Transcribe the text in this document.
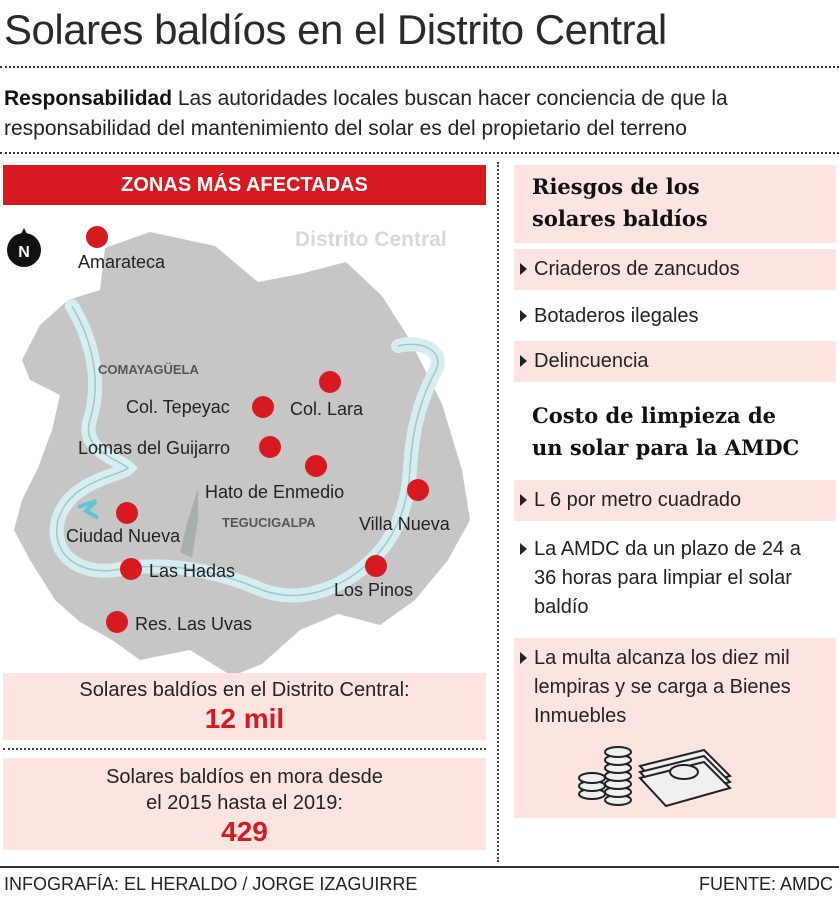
Solares baldíos en el Distrito Central
Responsabilidad Las autoridades locales buscan hacer conciencia de que la responsabilidad del mantenimiento del solar es del propietario del terreno
ZONAS MÁS AFECTADAS
N
Distrito Central
COMAYAGÜELA
TEGUCIGALPA
Amarateca
Col. Tepeyac	Col. Lara
Lomas del Guijarro
Hato de Enmedio
Villa Nueva
Ciudad Nueva
Las Hadas
Los Pinos
Res. Las Uvas
Solares baldíos en el Distrito Central:
12 mil
Solares baldíos en mora desde
el 2015 hasta el 2019:
429
Riesgos de los
solares baldíos
Criaderos de zancudos
Botaderos ilegales
Delincuencia
Costo de limpieza de
un solar para la AMDC
L 6 por metro cuadrado
La AMDC da un plazo de 24 a 36 horas para limpiar el solar baldío
La multa alcanza los diez mil lempiras y se carga a Bienes Inmuebles
INFOGRAFÍA: EL HERALDO / JORGE IZAGUIRRE	FUENTE: AMDC
